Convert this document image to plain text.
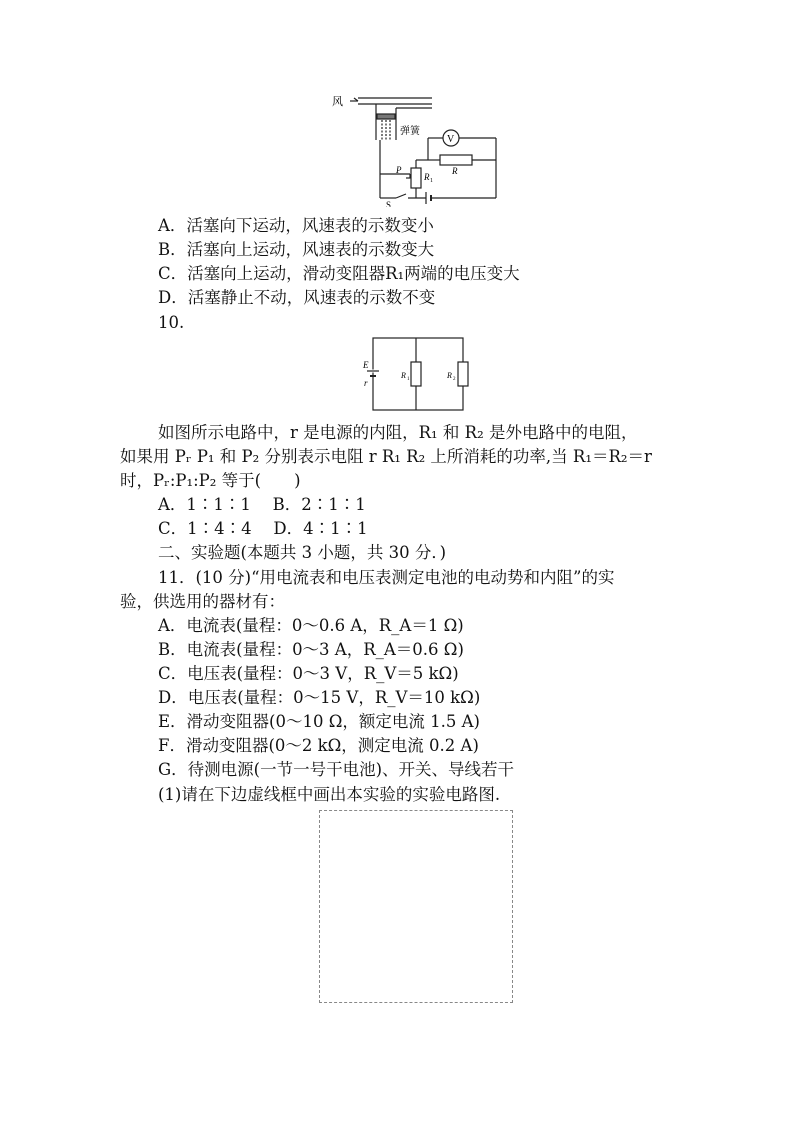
风
弹簧
V
R
R 1
P
S
A．活塞向下运动，风速表的示数变小
B．活塞向上运动，风速表的示数变大
C．活塞向上运动，滑动变阻器R₁两端的电压变大
D．活塞静止不动，风速表的示数不变
10.
E
r
R 1	R 2
如图所示电路中，r 是电源的内阻，R₁ 和 R₂ 是外电路中的电阻，
如果用 Pᵣ P₁ 和 P₂ 分别表示电阻 r R₁ R₂ 上所消耗的功率,当 R₁＝R₂＝r
时，Pᵣ:P₁:P₂ 等于(　　)
A．1∶1∶1　 B．2∶1∶1
C．1∶4∶4　 D．4∶1∶1
二、实验题(本题共 3 小题，共 30 分．)
11．(10 分)“用电流表和电压表测定电池的电动势和内阻”的实
验，供选用的器材有：
A．电流表(量程：0～0.6 A，R_A＝1 Ω)
B．电流表(量程：0～3 A，R_A＝0.6 Ω)
C．电压表(量程：0～3 V，R_V＝5 kΩ)
D．电压表(量程：0～15 V，R_V＝10 kΩ)
E．滑动变阻器(0～10 Ω，额定电流 1.5 A)
F．滑动变阻器(0～2 kΩ，测定电流 0.2 A)
G．待测电源(一节一号干电池)、开关、导线若干
(1)请在下边虚线框中画出本实验的实验电路图.
